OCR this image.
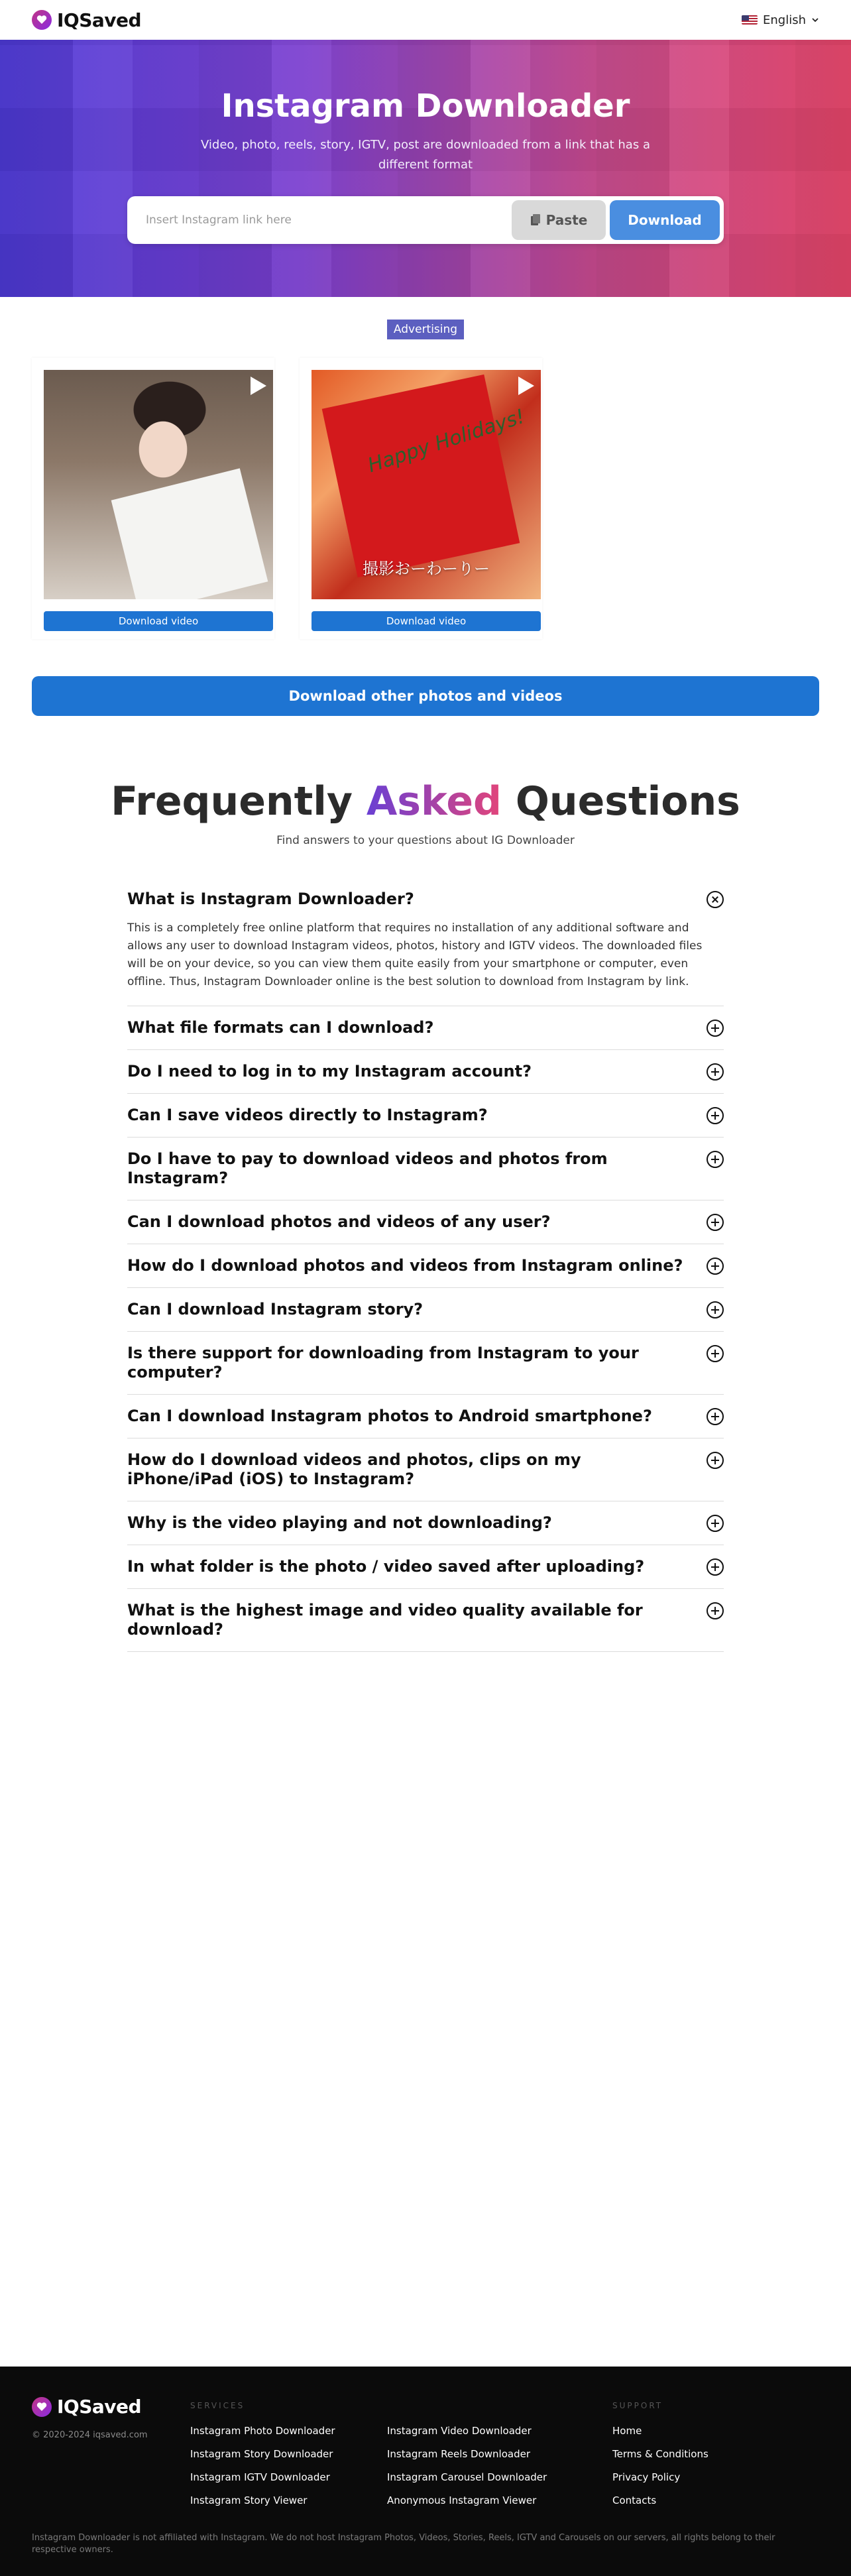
IQSaved	English
Instagram Downloader
Video, photo, reels, story, IGTV, post are downloaded from a link that has a different format
Insert Instagram link here
Paste	Download
Advertising
Download video
Happy Holidays!
撮影おーわーりー
Download video
Download other photos and videos
Frequently Asked Questions
Find answers to your questions about IG Downloader
What is Instagram Downloader?
This is a completely free online platform that requires no installation of any additional software and allows any user to download Instagram videos, photos, history and IGTV videos. The downloaded files will be on your device, so you can view them quite easily from your smartphone or computer, even offline. Thus, Instagram Downloader online is the best solution to download from Instagram by link.
What file formats can I download?
Do I need to log in to my Instagram account?
Can I save videos directly to Instagram?
Do I have to pay to download videos and photos from Instagram?
Can I download photos and videos of any user?
How do I download photos and videos from Instagram online?
Can I download Instagram story?
Is there support for downloading from Instagram to your computer?
Can I download Instagram photos to Android smartphone?
How do I download videos and photos, clips on my iPhone/iPad (iOS) to Instagram?
Why is the video playing and not downloading?
In what folder is the photo / video saved after uploading?
What is the highest image and video quality available for download?
IQSaved
© 2020-2024 iqsaved.com
SERVICES	SUPPORT
Instagram Photo Downloader
Instagram Story Downloader
Instagram IGTV Downloader
Instagram Story Viewer
Instagram Video Downloader
Instagram Reels Downloader
Instagram Carousel Downloader
Anonymous Instagram Viewer
Home
Terms & Conditions
Privacy Policy
Contacts
Instagram Downloader is not affiliated with Instagram. We do not host Instagram Photos, Videos, Stories, Reels, IGTV and Carousels on our servers, all rights belong to their respective owners.
